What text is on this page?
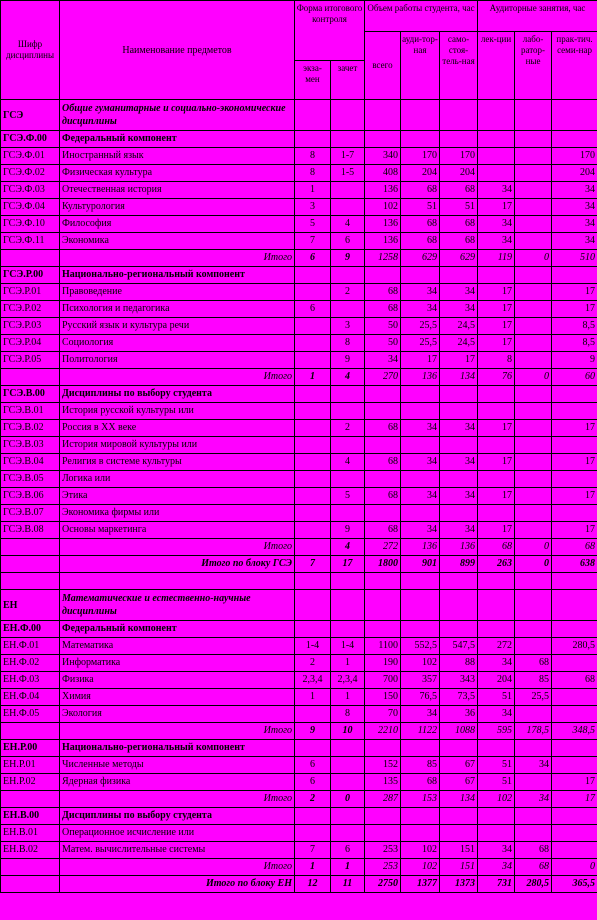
Шифр дисциплины	Наименование предметов	Форма итогового контроля		Объем работы студента, час			Аудиторные занятия, час		
				всего	ауди-тор-ная	само-стоя-тель-ная	лек-ции	лабо-ратор-ные	прак-тич. семи-нар
		экза-мен	зачет						
ГСЭ	Общие гуманитарные и социально-экономические дисциплины								
ГСЭ.Ф.00	Федеральный компонент								
ГСЭ.Ф.01	Иностранный язык	8	1-7	340	170	170			170
ГСЭ.Ф.02	Физическая культура	8	1-5	408	204	204			204
ГСЭ.Ф.03	Отечественная история	1		136	68	68	34		34
ГСЭ.Ф.04	Культурология	3		102	51	51	17		34
ГСЭ.Ф.10	Философия	5	4	136	68	68	34		34
ГСЭ.Ф.11	Экономика	7	6	136	68	68	34		34
	Итого	6	9	1258	629	629	119	0	510
ГСЭ.Р.00	Национально-региональный компонент								
ГСЭ.Р.01	Правоведение		2	68	34	34	17		17
ГСЭ.Р.02	Психология и педагогика	6		68	34	34	17		17
ГСЭ.Р.03	Русский язык и культура речи		3	50	25,5	24,5	17		8,5
ГСЭ.Р.04	Социология		8	50	25,5	24,5	17		8,5
ГСЭ.Р.05	Политология		9	34	17	17	8		9
	Итого	1	4	270	136	134	76	0	60
ГСЭ.В.00	Дисциплины по выбору студента								
ГСЭ.В.01	История русской культуры или								
ГСЭ.В.02	Россия в XX веке		2	68	34	34	17		17
ГСЭ.В.03	История мировой культуры или								
ГСЭ.В.04	Религия в системе культуры		4	68	34	34	17		17
ГСЭ.В.05	Логика или								
ГСЭ.В.06	Этика		5	68	34	34	17		17
ГСЭ.В.07	Экономика фирмы или								
ГСЭ.В.08	Основы маркетинга		9	68	34	34	17		17
	Итого		4	272	136	136	68	0	68
	Итого по блоку ГСЭ	7	17	1800	901	899	263	0	638

ЕН	Математические и естественно-научные дисциплины								
ЕН.Ф.00	Федеральный компонент								
ЕН.Ф.01	Математика	1-4	1-4	1100	552,5	547,5	272		280,5
ЕН.Ф.02	Информатика	2	1	190	102	88	34	68	
ЕН.Ф.03	Физика	2,3,4	2,3,4	700	357	343	204	85	68
ЕН.Ф.04	Химия	1	1	150	76,5	73,5	51	25,5	
ЕН.Ф.05	Экология		8	70	34	36	34		
	Итого	9	10	2210	1122	1088	595	178,5	348,5
ЕН.Р.00	Национально-региональный компонент								
ЕН.Р.01	Численные методы	6		152	85	67	51	34	
ЕН.Р.02	Ядерная физика	6		135	68	67	51		17
	Итого	2	0	287	153	134	102	34	17
ЕН.В.00	Дисциплины по выбору студента								
ЕН.В.01	Операционное исчисление или								
ЕН.В.02	Матем. вычислительные системы	7	6	253	102	151	34	68	
	Итого	1	1	253	102	151	34	68	0
	Итого по блоку ЕН	12	11	2750	1377	1373	731	280,5	365,5
